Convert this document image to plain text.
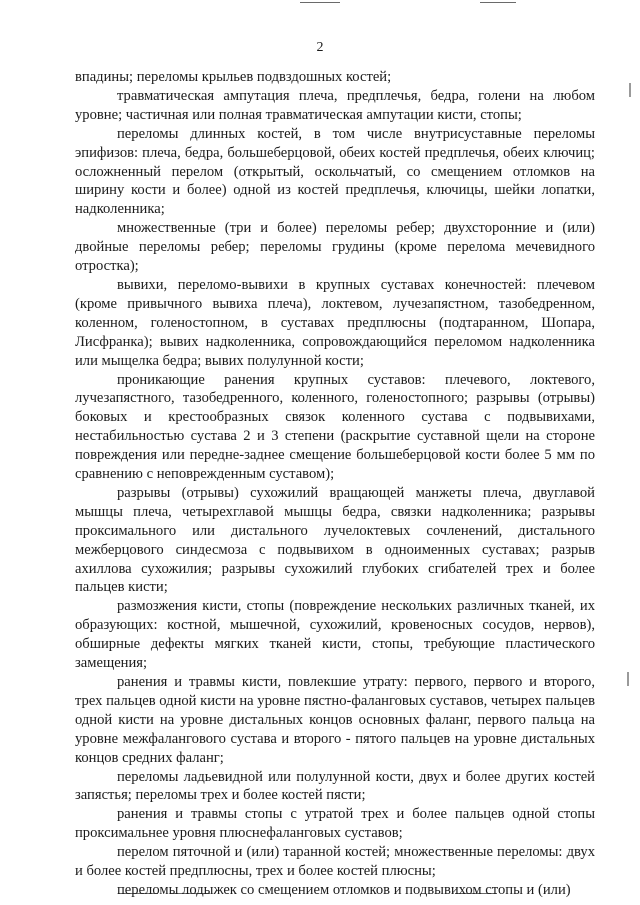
2

впадины; переломы крыльев подвздошных костей;

травматическая ампутация плеча, предплечья, бедра, голени на любом уровне; частичная или полная травматическая ампутации кисти, стопы;

переломы длинных костей, в том числе внутрисуставные переломы эпифизов: плеча, бедра, большеберцовой, обеих костей предплечья, обеих ключиц; осложненный перелом (открытый, оскольчатый, со смещением отломков на ширину кости и более) одной из костей предплечья, ключицы, шейки лопатки, надколенника;

множественные (три и более) переломы ребер; двухсторонние и (или) двойные переломы ребер; переломы грудины (кроме перелома мечевидного отростка);

вывихи, переломо-вывихи в крупных суставах конечностей: плечевом (кроме привычного вывиха плеча), локтевом, лучезапястном, тазобедренном, коленном, голеностопном, в суставах предплюсны (подтаранном, Шопара, Лисфранка); вывих надколенника, сопровождающийся переломом надколенника или мыщелка бедра; вывих полулунной кости;

проникающие ранения крупных суставов: плечевого, локтевого, лучезапястного, тазобедренного, коленного, голеностопного; разрывы (отрывы) боковых и крестообразных связок коленного сустава с подвывихами, нестабильностью сустава 2 и 3 степени (раскрытие суставной щели на стороне повреждения или передне-заднее смещение большеберцовой кости более 5 мм по сравнению с неповрежденным суставом);

разрывы (отрывы) сухожилий вращающей манжеты плеча, двуглавой мышцы плеча, четырехглавой мышцы бедра, связки надколенника; разрывы проксимального или дистального лучелоктевых сочленений, дистального межберцового синдесмоза с подвывихом в одноименных суставах; разрыв ахиллова сухожилия; разрывы сухожилий глубоких сгибателей трех и более пальцев кисти;

размозжения кисти, стопы (повреждение нескольких различных тканей, их образующих: костной, мышечной, сухожилий, кровеносных сосудов, нервов), обширные дефекты мягких тканей кисти, стопы, требующие пластического замещения;

ранения и травмы кисти, повлекшие утрату: первого, первого и второго, трех пальцев одной кисти на уровне пястно-фаланговых суставов, четырех пальцев одной кисти на уровне дистальных концов основных фаланг, первого пальца на уровне межфалангового сустава и второго - пятого пальцев на уровне дистальных концов средних фаланг;

переломы ладьевидной или полулунной кости, двух и более других костей запястья; переломы трех и более костей пясти;

ранения и травмы стопы с утратой трех и более пальцев одной стопы проксимальнее уровня плюснефаланговых суставов;

перелом пяточной и (или) таранной костей; множественные переломы: двух и более костей предплюсны, трех и более костей плюсны;

переломы лодыжек со смещением отломков и подвывихом стопы и (или)
